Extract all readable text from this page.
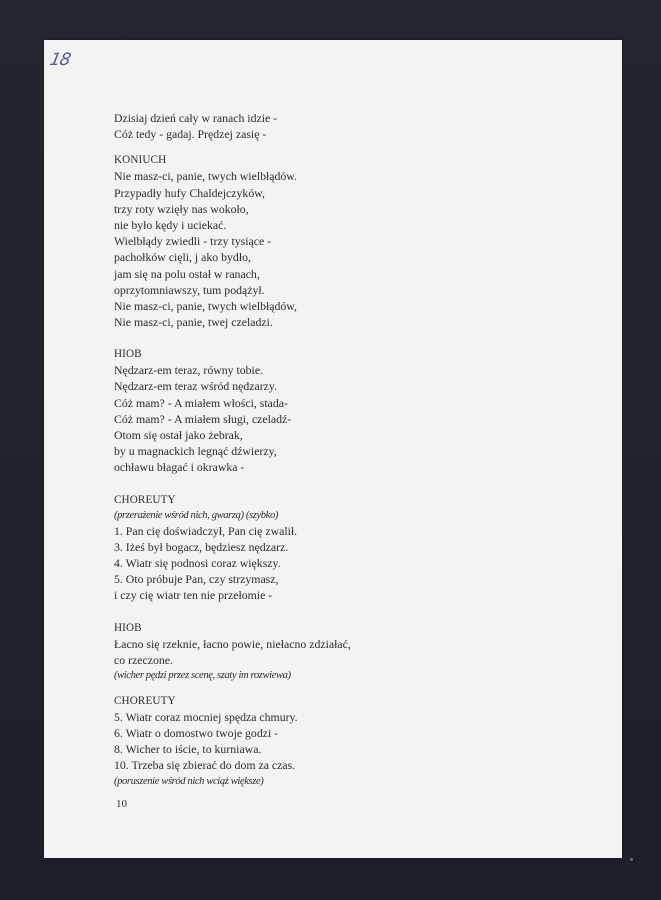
18
Dzisiaj dzień cały w ranach idzie -
Cóż tedy - gadaj. Prędzej zasię -
KONIUCH
Nie masz-ci, panie, twych wielbłądów.
Przypadły hufy Chaldejczyków,
trzy roty wzięły nas wokoło,
nie było kędy i uciekać.
Wielbłądy zwiedli - trzy tysiące -
pachołków cięli, j ako bydło,
jam się na polu ostał w ranach,
oprzytomniawszy, tum podążył.
Nie masz-ci, panie, twych wielbłądów,
Nie masz-ci, panie, twej czeladzi.
HIOB
Nędzarz-em teraz, równy tobie.
Nędzarz-em teraz wśród nędzarzy.
Cóż mam? - A miałem włości, stada-
Cóż mam? - A miałem sługi, czeladź-
Otom się ostał jako żebrak,
by u magnackich legnąć dźwierzy,
ochławu błagać i okrawka -
CHOREUTY
(przerażenie wśród nich, gwarzą) (szybko)
1. Pan cię doświadczył, Pan cię zwalił.
3. Iżeś był bogacz, będziesz nędzarz.
4. Wiatr się podnosi coraz większy.
5. Oto próbuje Pan, czy strzymasz,
i czy cię wiatr ten nie przełomie -
HIOB
Łacno się rzeknie, łacno powie, niełacno zdziałać, co rzeczone.
(wicher pędzi przez scenę, szaty im rozwiewa)
CHOREUTY
5. Wiatr coraz mocniej spędza chmury.
6. Wiatr o domostwo twoje godzi -
8. Wicher to iście, to kurniawa.
10. Trzeba się zbierać do dom za czas.
(poruszenie wśród nich wciąż większe)
10
